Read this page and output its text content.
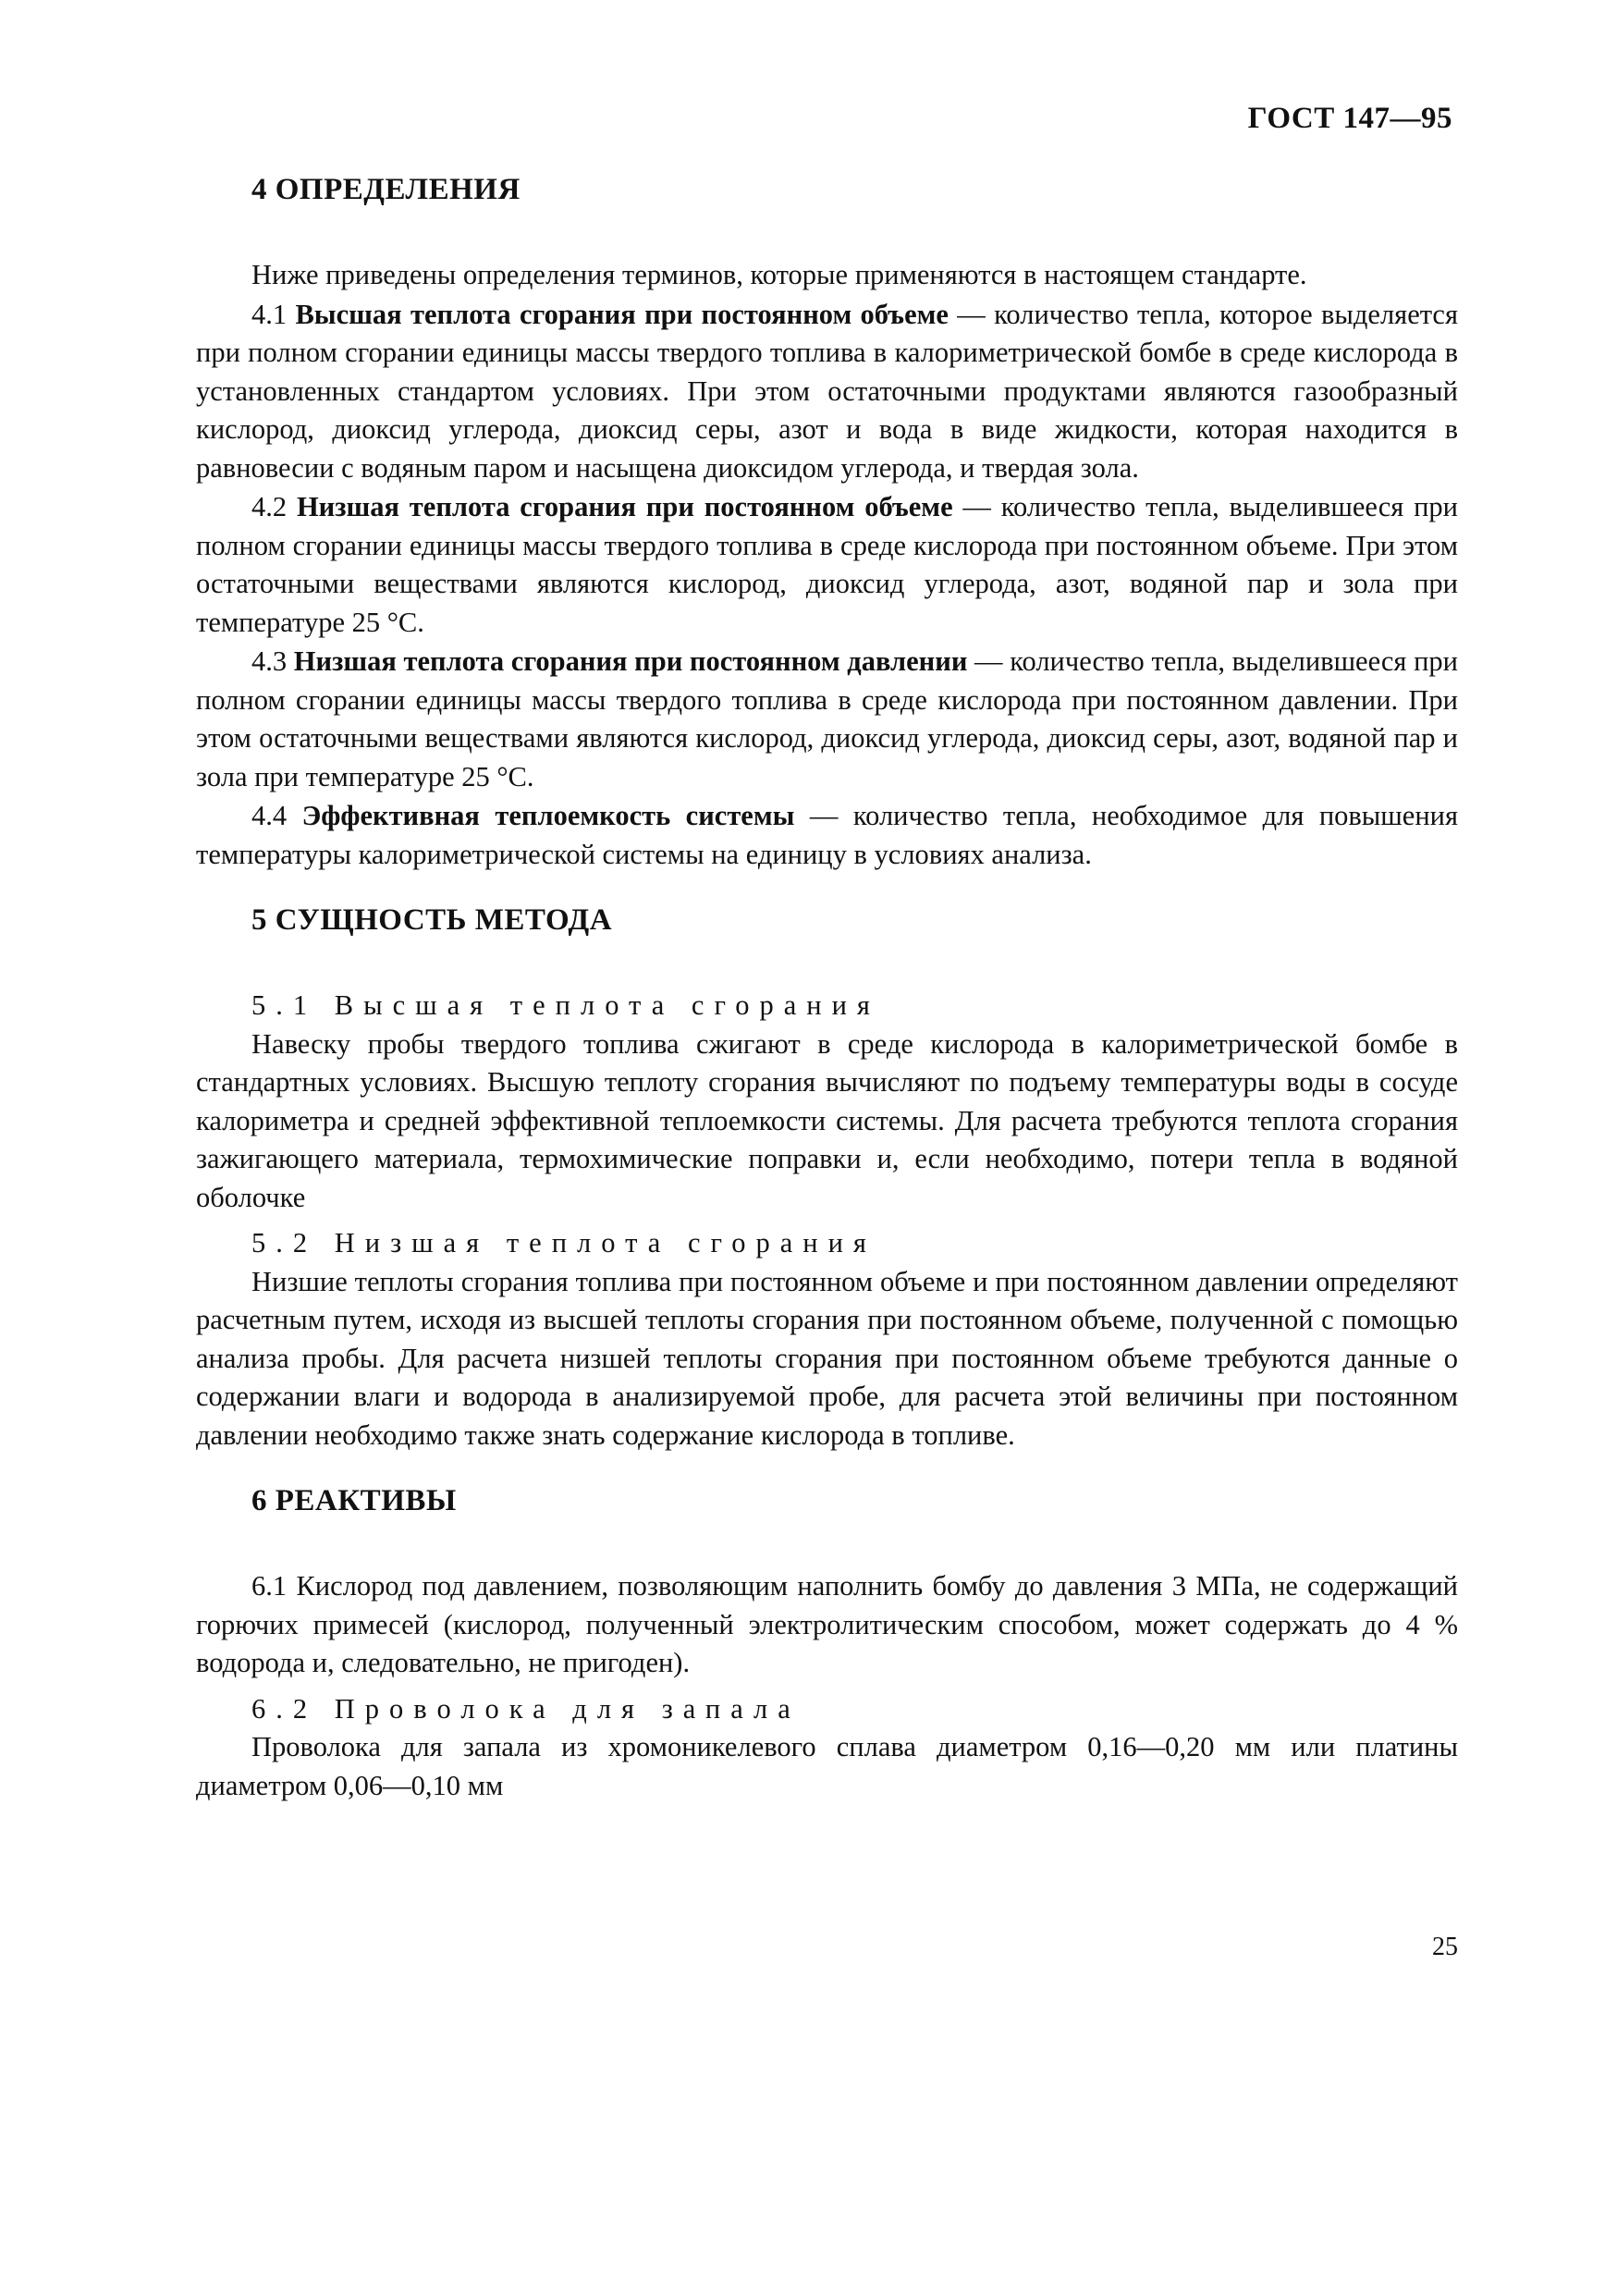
ГОСТ 147—95
4 ОПРЕДЕЛЕНИЯ

Ниже приведены определения терминов, которые применяются в настоящем стандарте.

4.1 Высшая теплота сгорания при постоянном объеме — количество тепла, которое выделяется при полном сгорании единицы массы твердого топлива в калориметрической бомбе в среде кислорода в установленных стандартом условиях. При этом остаточными продуктами являются газообразный кислород, диоксид углерода, диоксид серы, азот и вода в виде жидкости, которая находится в равновесии с водяным паром и насыщена диоксидом углерода, и твердая зола.

4.2 Низшая теплота сгорания при постоянном объеме — количество тепла, выделившееся при полном сгорании единицы массы твердого топлива в среде кислорода при постоянном объеме. При этом остаточными веществами являются кислород, диоксид углерода, азот, водяной пар и зола при температуре 25 °С.

4.3 Низшая теплота сгорания при постоянном давлении — количество тепла, выделившееся при полном сгорании единицы массы твердого топлива в среде кислорода при постоянном давлении. При этом остаточными веществами являются кислород, диоксид углерода, диоксид серы, азот, водяной пар и зола при температуре 25 °С.

4.4 Эффективная теплоемкость системы — количество тепла, необходимое для повышения температуры калориметрической системы на единицу в условиях анализа.

5 СУЩНОСТЬ МЕТОДА

5.1 Высшая теплота сгорания

Навеску пробы твердого топлива сжигают в среде кислорода в калориметрической бомбе в стандартных условиях. Высшую теплоту сгорания вычисляют по подъему температуры воды в сосуде калориметра и средней эффективной теплоемкости системы. Для расчета требуются теплота сгорания зажигающего материала, термохимические поправки и, если необходимо, потери тепла в водяной оболочке

5.2 Низшая теплота сгорания

Низшие теплоты сгорания топлива при постоянном объеме и при постоянном давлении определяют расчетным путем, исходя из высшей теплоты сгорания при постоянном объеме, полученной с помощью анализа пробы. Для расчета низшей теплоты сгорания при постоянном объеме требуются данные о содержании влаги и водорода в анализируемой пробе, для расчета этой величины при постоянном давлении необходимо также знать содержание кислорода в топливе.

6 РЕАКТИВЫ

6.1 Кислород под давлением, позволяющим наполнить бомбу до давления 3 МПа, не содержащий горючих примесей (кислород, полученный электролитическим способом, может содержать до 4 % водорода и, следовательно, не пригоден).

6.2 Проволока для запала

Проволока для запала из хромоникелевого сплава диаметром 0,16—0,20 мм или платины диаметром 0,06—0,10 мм

25
